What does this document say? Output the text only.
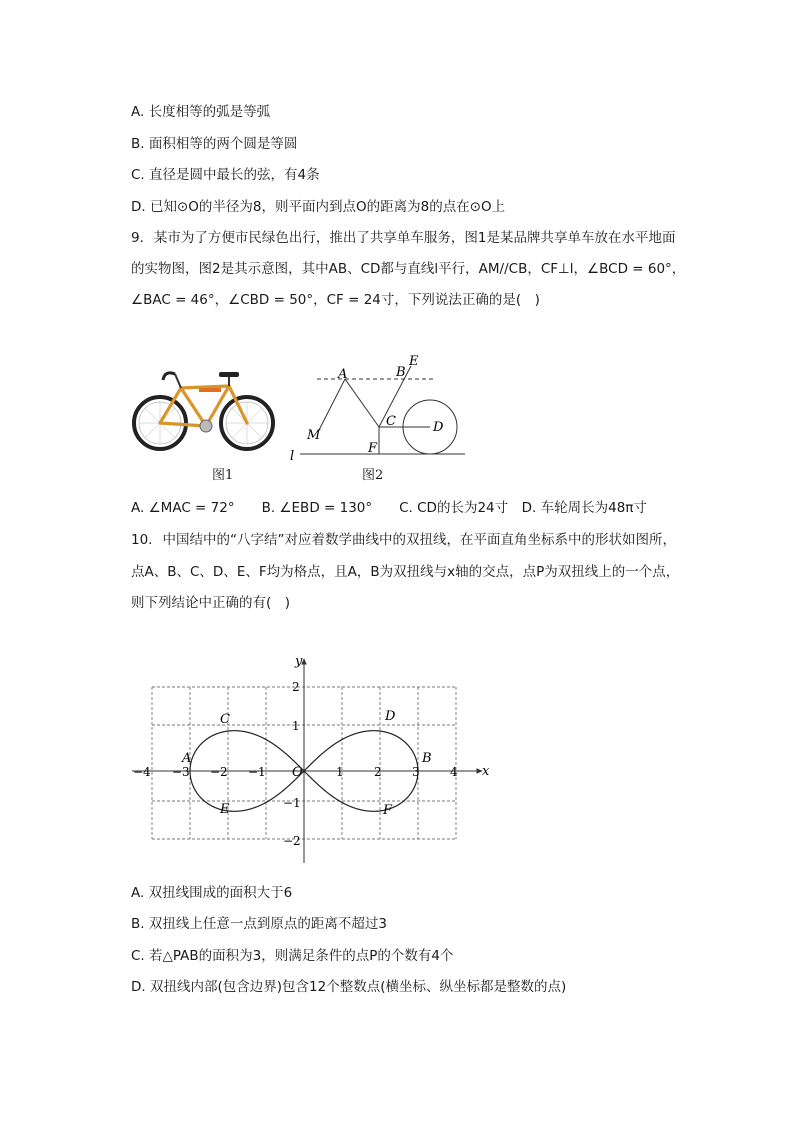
A. 长度相等的弧是等弧
B. 面积相等的两个圆是等圆
C. 直径是圆中最长的弦，有4条
D. 已知⊙O的半径为8，则平面内到点O的距离为8的点在⊙O上
9. 某市为了方便市民绿色出行，推出了共享单车服务，图1是某品牌共享单车放在水平地面
的实物图，图2是其示意图，其中AB、CD都与直线l平行，AM//CB，CF⊥l，∠BCD = 60°，
∠BAC = 46°，∠CBD = 50°，CF = 24寸，下列说法正确的是(　)
图1
A	B
E
C	D
F
M
l
图2
A. ∠MAC = 72°　　B. ∠EBD = 130°　　C. CD的长为24寸　D. 车轮周长为48π寸
10. 中国结中的“八字结”对应着数学曲线中的双扭线，在平面直角坐标系中的形状如图所，
点A、B、C、D、E、F均为格点，且A，B为双扭线与x轴的交点，点P为双扭线上的一个点，
则下列结论中正确的有(　)
x
y
O
−4 −3 −2 −1	1	2	3	4
2
1
−1
−2
A	B
C	D
E	F
A. 双扭线围成的面积大于6
B. 双扭线上任意一点到原点的距离不超过3
C. 若△PAB的面积为3，则满足条件的点P的个数有4个
D. 双扭线内部(包含边界)包含12个整数点(横坐标、纵坐标都是整数的点)
